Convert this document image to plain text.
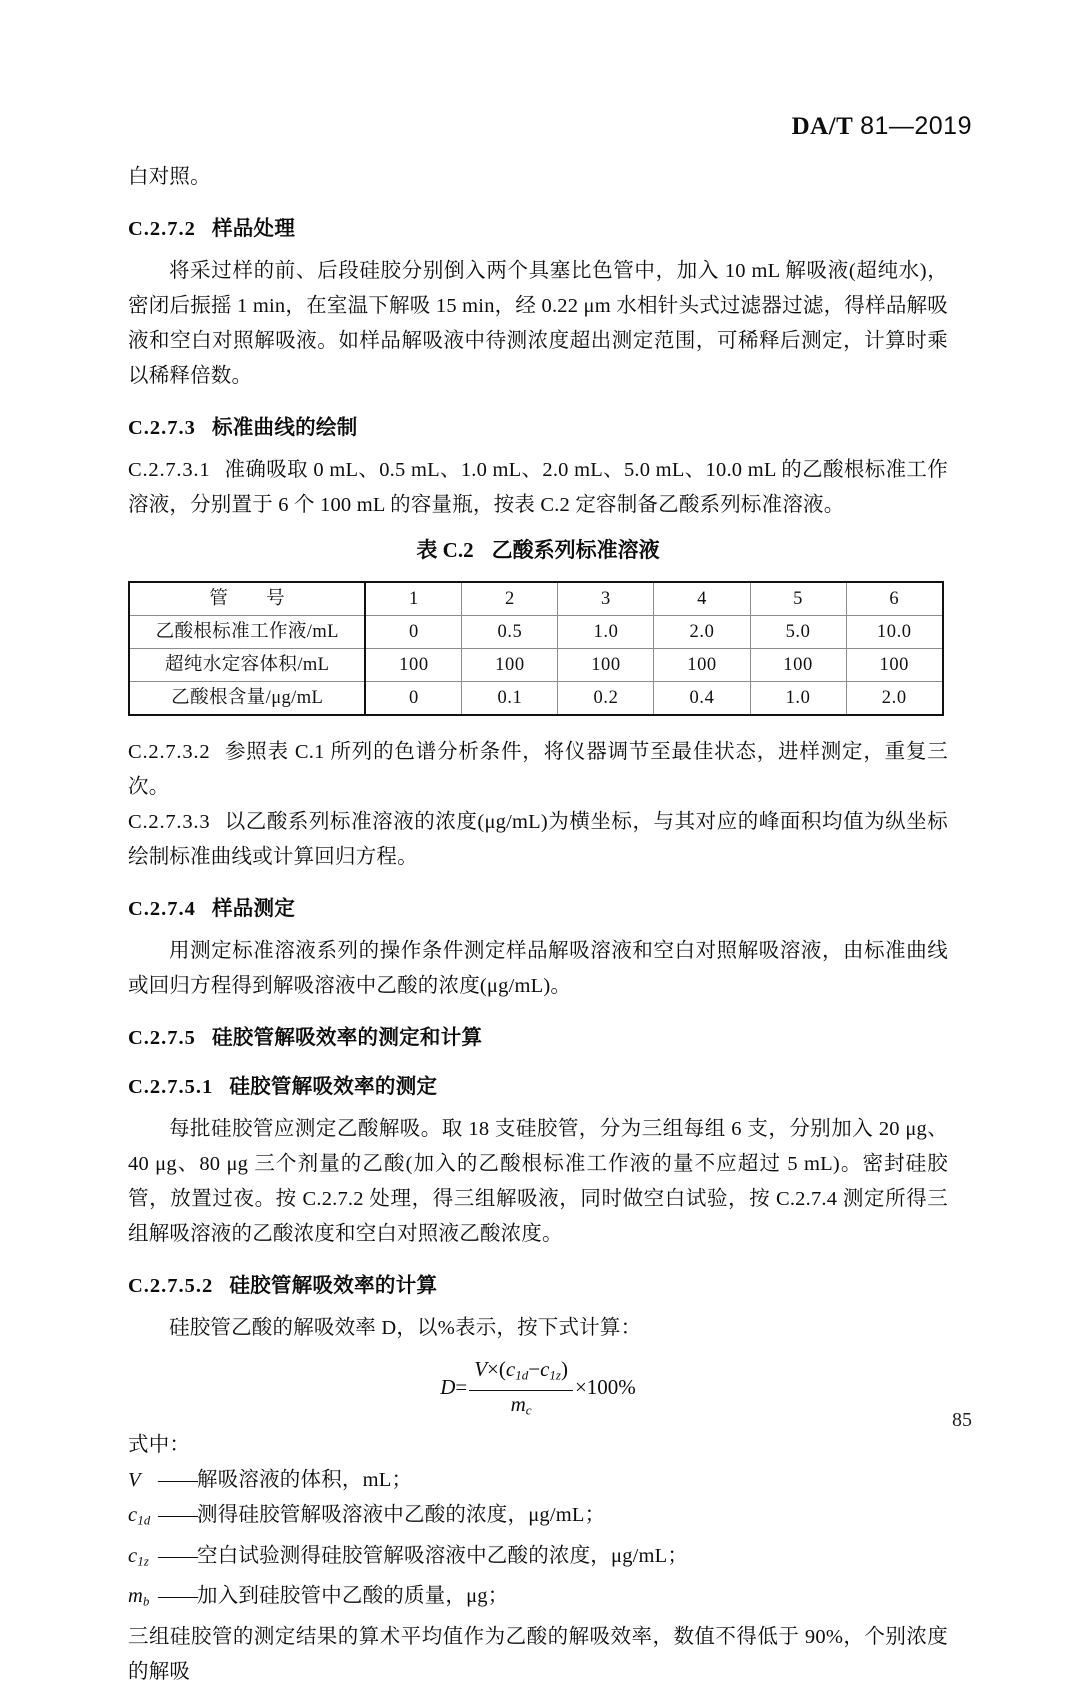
DA/T 81—2019

白对照。

C.2.7.2 样品处理

将采过样的前、后段硅胶分别倒入两个具塞比色管中，加入 10 mL 解吸液(超纯水)，密闭后振摇 1 min，在室温下解吸 15 min，经 0.22 μm 水相针头式过滤器过滤，得样品解吸液和空白对照解吸液。如样品解吸液中待测浓度超出测定范围，可稀释后测定，计算时乘以稀释倍数。

C.2.7.3 标准曲线的绘制

C.2.7.3.1 准确吸取 0 mL、0.5 mL、1.0 mL、2.0 mL、5.0 mL、10.0 mL 的乙酸根标准工作溶液，分别置于 6 个 100 mL 的容量瓶，按表 C.2 定容制备乙酸系列标准溶液。

表 C.2 乙酸系列标准溶液

管　　号	1	2	3	4	5	6
乙酸根标准工作液/mL	0	0.5	1.0	2.0	5.0	10.0
超纯水定容体积/mL	100	100	100	100	100	100
乙酸根含量/μg/mL	0	0.1	0.2	0.4	1.0	2.0

C.2.7.3.2 参照表 C.1 所列的色谱分析条件，将仪器调节至最佳状态，进样测定，重复三次。

C.2.7.3.3 以乙酸系列标准溶液的浓度(μg/mL)为横坐标，与其对应的峰面积均值为纵坐标绘制标准曲线或计算回归方程。

C.2.7.4 样品测定

用测定标准溶液系列的操作条件测定样品解吸溶液和空白对照解吸溶液，由标准曲线或回归方程得到解吸溶液中乙酸的浓度(μg/mL)。

C.2.7.5 硅胶管解吸效率的测定和计算
C.2.7.5.1 硅胶管解吸效率的测定

每批硅胶管应测定乙酸解吸。取 18 支硅胶管，分为三组每组 6 支，分别加入 20 μg、40 μg、80 μg 三个剂量的乙酸(加入的乙酸根标准工作液的量不应超过 5 mL)。密封硅胶管，放置过夜。按 C.2.7.2 处理，得三组解吸液，同时做空白试验，按 C.2.7.4 测定所得三组解吸溶液的乙酸浓度和空白对照液乙酸浓度。

C.2.7.5.2 硅胶管解吸效率的计算

硅胶管乙酸的解吸效率 D，以%表示，按下式计算：

$D= \frac{V\times(c_{1d}-c_{1z})}{m_c} \times 100\%$

式中：

V ——解吸溶液的体积，mL；

$c_{1d}$ ——测得硅胶管解吸溶液中乙酸的浓度，μg/mL；

$c_{1z}$ ——空白试验测得硅胶管解吸溶液中乙酸的浓度，μg/mL；

$m_b$ ——加入到硅胶管中乙酸的质量，μg；

三组硅胶管的测定结果的算术平均值作为乙酸的解吸效率，数值不得低于 90%，个别浓度的解吸

85
